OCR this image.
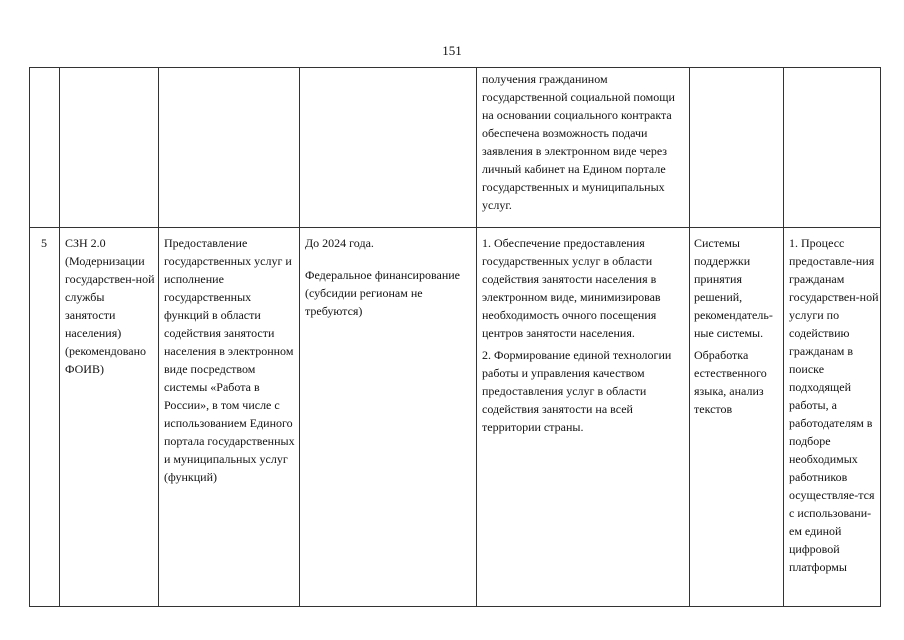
151

получения гражданином государственной социальной помощи на основании социального контракта обеспечена возможность подачи заявления в электронном виде через личный кабинет на Едином портале государственных и муниципальных услуг.

5	СЗН 2.0 (Модернизации государствен-ной службы занятости населения) (рекомендовано ФОИВ)

Предоставление государственных услуг и исполнение государственных функций в области содействия занятости населения в электронном виде посредством системы «Работа в России», в том числе с использованием Единого портала государственных и муниципальных услуг (функций)

До 2024 года.

Федеральное финансирование (субсидии регионам не требуются)

1. Обеспечение предоставления государственных услуг в области содействия занятости населения в электронном виде, минимизировав необходимость очного посещения центров занятости населения.

2. Формирование единой технологии работы и управления качеством предоставления услуг в области содействия занятости на всей территории страны.

Системы поддержки принятия решений, рекомендатель-ные системы.

Обработка естественного языка, анализ текстов

1. Процесс предоставле-ния гражданам государствен-ной услуги по содействию гражданам в поиске подходящей работы, а работодателям в подборе необходимых работников осуществляе-тся с использовани-ем единой цифровой платформы
